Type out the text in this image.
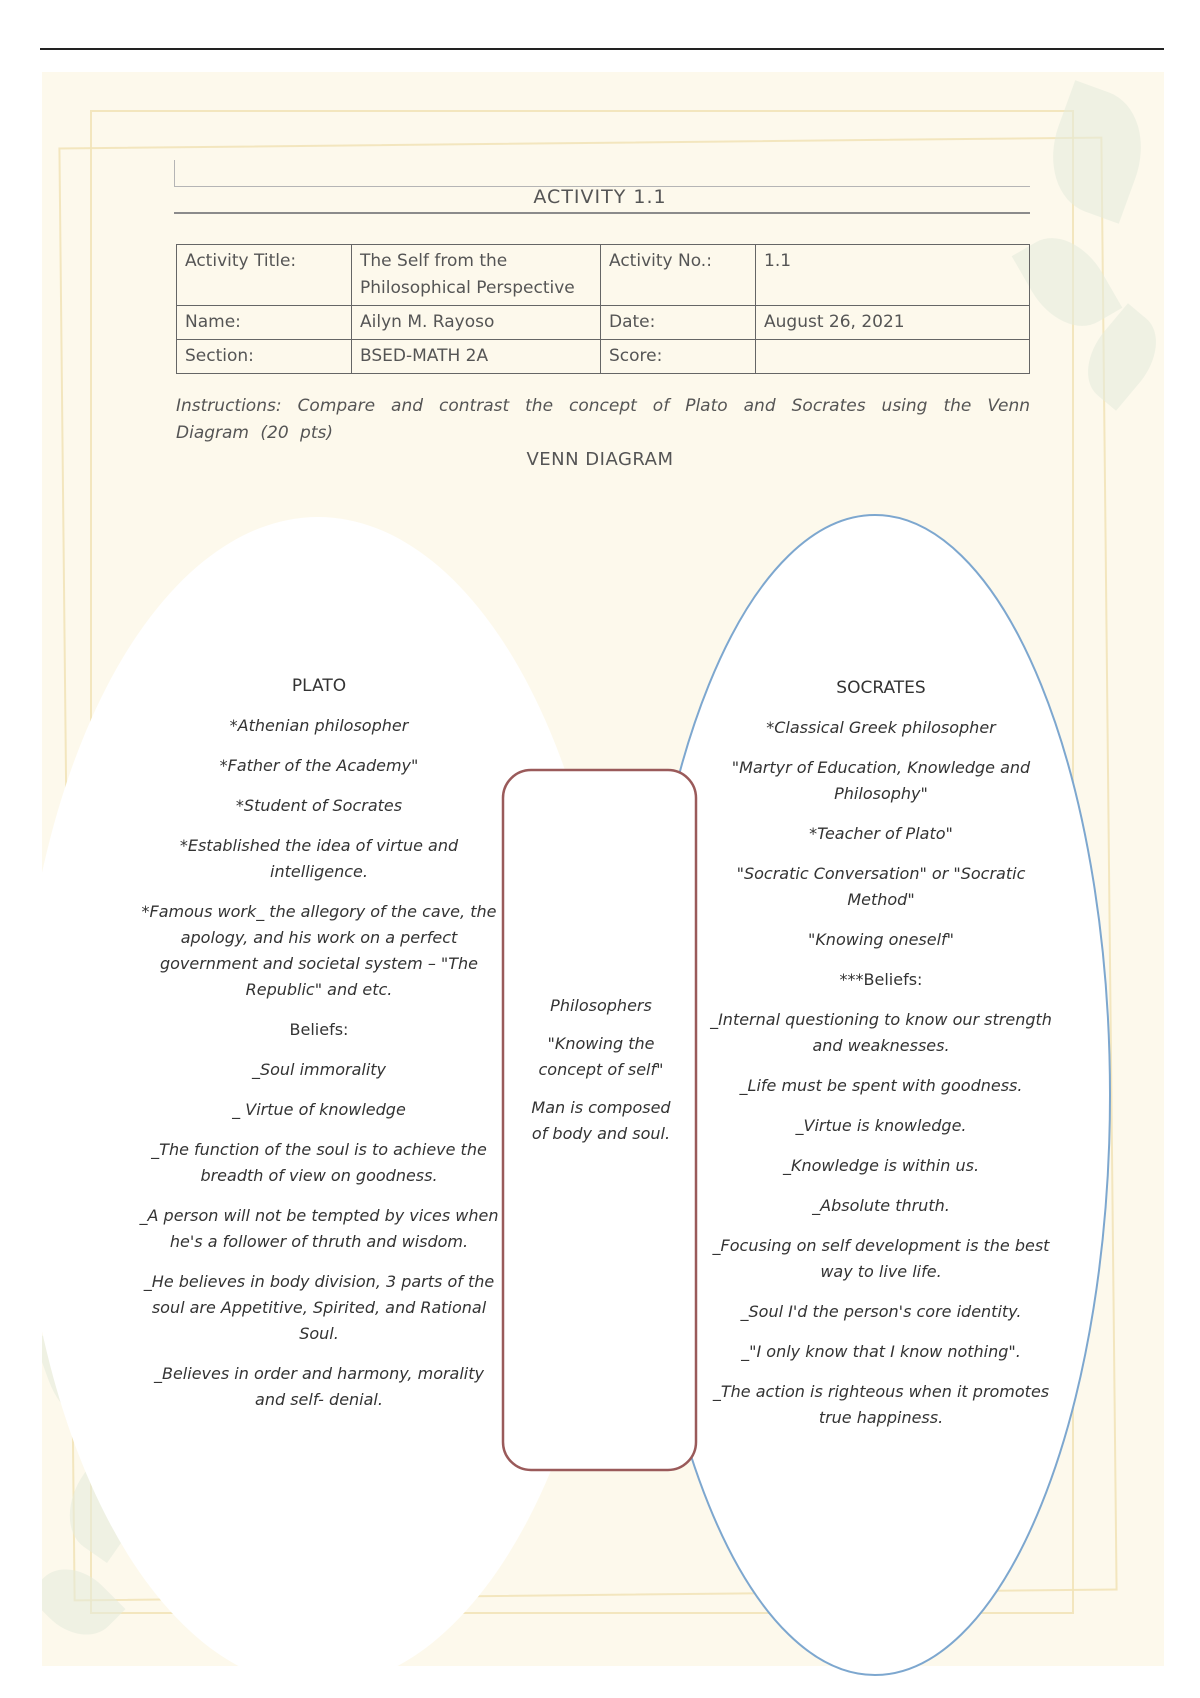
ACTIVITY 1.1
Activity Title:	The Self from the Philosophical Perspective	Activity No.:	1.1
Name:	Ailyn M. Rayoso	Date:	August 26, 2021
Section:	BSED-MATH 2A	Score:	
Instructions: Compare and contrast the concept of Plato and Socrates using the Venn Diagram (20 pts)
VENN DIAGRAM
PLATO
*Athenian philosopher
*Father of the Academy"
*Student of Socrates
*Established the idea of virtue and intelligence.
*Famous work_ the allegory of the cave, the apology, and his work on a perfect government and societal system – "The Republic" and etc.
Beliefs:
_Soul immorality
_ Virtue of knowledge
_The function of the soul is to achieve the breadth of view on goodness.
_A person will not be tempted by vices when he's a follower of thruth and wisdom.
_He believes in body division, 3 parts of the soul are Appetitive, Spirited, and Rational Soul.
_Believes in order and harmony, morality and self- denial.
Philosophers
"Knowing the concept of self"
Man is composed of body and soul.
SOCRATES
*Classical Greek philosopher
"Martyr of Education, Knowledge and Philosophy"
*Teacher of Plato"
"Socratic Conversation" or "Socratic Method"
"Knowing oneself"
***Beliefs:
_Internal questioning to know our strength and weaknesses.
_Life must be spent with goodness.
_Virtue is knowledge.
_Knowledge is within us.
_Absolute thruth.
_Focusing on self development is the best way to live life.
_Soul I'd the person's core identity.
_"I only know that I know nothing".
_The action is righteous when it promotes true happiness.
